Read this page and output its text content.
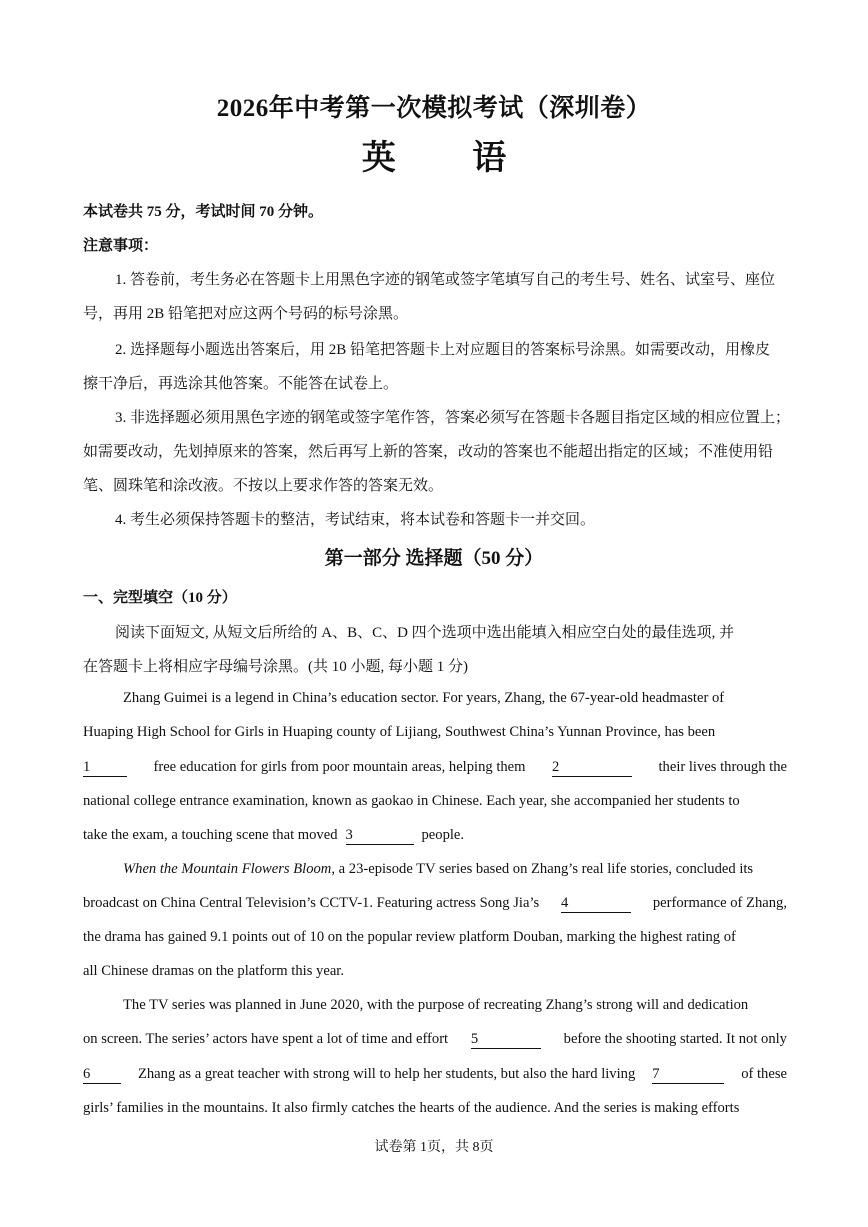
2026年中考第一次模拟考试（深圳卷）
英 语
本试卷共 75 分，考试时间 70 分钟。
注意事项：
1. 答卷前，考生务必在答题卡上用黑色字迹的钢笔或签字笔填写自己的考生号、姓名、试室号、座位
号，再用 2B 铅笔把对应这两个号码的标号涂黑。
2. 选择题每小题选出答案后，用 2B 铅笔把答题卡上对应题目的答案标号涂黑。如需要改动，用橡皮
擦干净后，再选涂其他答案。不能答在试卷上。
3. 非选择题必须用黑色字迹的钢笔或签字笔作答，答案必须写在答题卡各题目指定区域的相应位置上；
如需要改动，先划掉原来的答案，然后再写上新的答案，改动的答案也不能超出指定的区域；不准使用铅
笔、圆珠笔和涂改液。不按以上要求作答的答案无效。
4. 考生必须保持答题卡的整洁，考试结束，将本试卷和答题卡一并交回。
第一部分 选择题（50 分）
一、完型填空（10 分）
阅读下面短文, 从短文后所给的 A、B、C、D 四个选项中选出能填入相应空白处的最佳选项, 并
在答题卡上将相应字母编号涂黑。(共 10 小题, 每小题 1 分)
Zhang Guimei is a legend in China’s education sector. For years, Zhang, the 67-year-old headmaster of
Huaping High School for Girls in Huaping county of Lijiang, Southwest China’s Yunnan Province, has been
1	free education for girls from poor mountain areas, helping them 2	their lives through the
national college entrance examination, known as gaokao in Chinese. Each year, she accompanied her students to
take the exam, a touching scene that moved 3	people.
When the Mountain Flowers Bloom, a 23-episode TV series based on Zhang’s real life stories, concluded its
broadcast on China Central Television’s CCTV-1. Featuring actress Song Jia’s 4	performance of Zhang,
the drama has gained 9.1 points out of 10 on the popular review platform Douban, marking the highest rating of
all Chinese dramas on the platform this year.
The TV series was planned in June 2020, with the purpose of recreating Zhang’s strong will and dedication
on screen. The series’ actors have spent a lot of time and effort 5	before the shooting started. It not only
6	Zhang as a great teacher with strong will to help her students, but also the hard living 7	of these
girls’ families in the mountains. It also firmly catches the hearts of the audience. And the series is making efforts
试卷第 1页，共 8页
